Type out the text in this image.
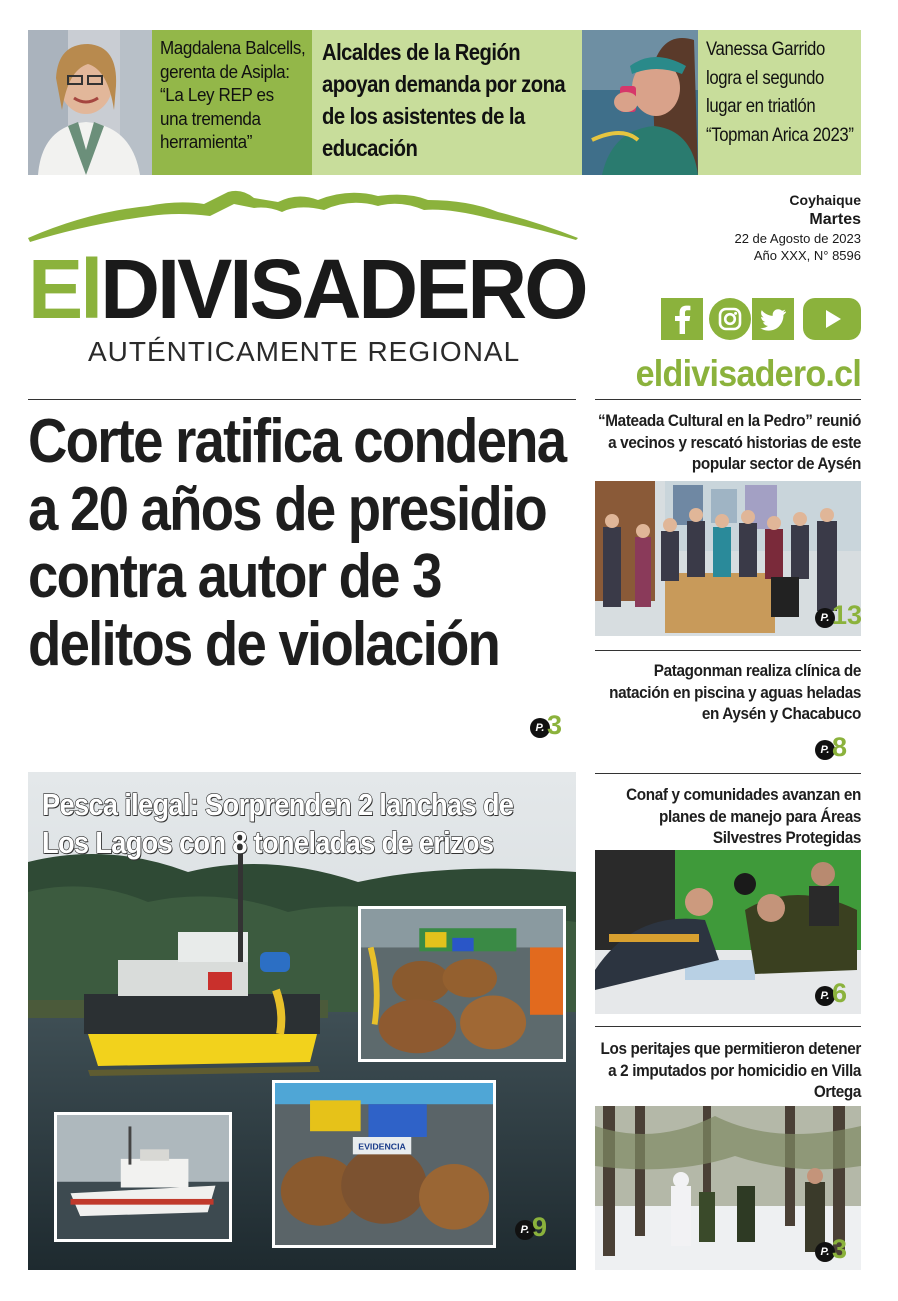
Magdalena Balcells, gerenta de Asipla: “La Ley REP es una tremenda herramienta”
Alcaldes de la Región apoyan demanda por zona de los asistentes de la educación
Vanessa Garrido logra el segundo lugar en triatlón “Topman Arica 2023”
ElDIVISADERO
AUTÉNTICAMENTE REGIONAL
Coyhaique
Martes
22 de Agosto de 2023
Año XXX, N° 8596
eldivisadero.cl
Corte ratifica condena a 20 años de presidio contra autor de 3 delitos de violación
P.3
Pesca ilegal: Sorprenden 2 lanchas de Los Lagos con 8 toneladas de erizos
EVIDENCIA
P.9
“Mateada Cultural en la Pedro” reunió a vecinos y rescató historias de este popular sector de Aysén
P.13
Patagonman realiza clínica de natación en piscina y aguas heladas en Aysén y Chacabuco
P.8
Conaf y comunidades avanzan en planes de manejo para Áreas Silvestres Protegidas
P.6
Los peritajes que permitieron detener a 2 imputados por homicidio en Villa Ortega
P.3
